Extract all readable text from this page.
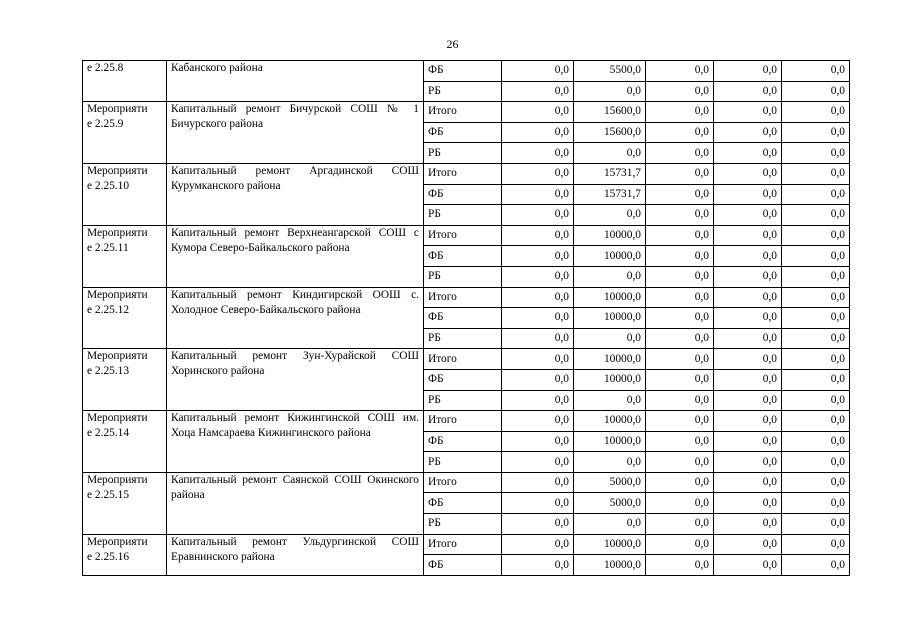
26
е 2.25.8	Кабанского района	ФБ	0,0	5500,0	0,0	0,0	0,0
		РБ	0,0	0,0	0,0	0,0	0,0
Мероприяти
е 2.25.9	Капитальный ремонт Бичурской СОШ № 1 Бичурского района	Итого	0,0	15600,0	0,0	0,0	0,0
		ФБ	0,0	15600,0	0,0	0,0	0,0
		РБ	0,0	0,0	0,0	0,0	0,0
Мероприяти
е 2.25.10	Капитальный ремонт Аргадинской СОШ Курумканского района	Итого	0,0	15731,7	0,0	0,0	0,0
		ФБ	0,0	15731,7	0,0	0,0	0,0
		РБ	0,0	0,0	0,0	0,0	0,0
Мероприяти
е 2.25.11	Капитальный ремонт Верхнеангарской СОШ с Кумора Северо-Байкальского района	Итого	0,0	10000,0	0,0	0,0	0,0
		ФБ	0,0	10000,0	0,0	0,0	0,0
		РБ	0,0	0,0	0,0	0,0	0,0
Мероприяти
е 2.25.12	Капитальный ремонт Киндигирской ООШ с. Холодное Северо-Байкальского района	Итого	0,0	10000,0	0,0	0,0	0,0
		ФБ	0,0	10000,0	0,0	0,0	0,0
		РБ	0,0	0,0	0,0	0,0	0,0
Мероприяти
е 2.25.13	Капитальный ремонт Зун-Хурайской СОШ Хоринского района	Итого	0,0	10000,0	0,0	0,0	0,0
		ФБ	0,0	10000,0	0,0	0,0	0,0
		РБ	0,0	0,0	0,0	0,0	0,0
Мероприяти
е 2.25.14	Капитальный ремонт Кижингинской СОШ им. Хоца Намсараева Кижингинского района	Итого	0,0	10000,0	0,0	0,0	0,0
		ФБ	0,0	10000,0	0,0	0,0	0,0
		РБ	0,0	0,0	0,0	0,0	0,0
Мероприяти
е 2.25.15	Капитальный ремонт Саянской СОШ Окинского района	Итого	0,0	5000,0	0,0	0,0	0,0
		ФБ	0,0	5000,0	0,0	0,0	0,0
		РБ	0,0	0,0	0,0	0,0	0,0
Мероприяти
е 2.25.16	Капитальный ремонт Ульдургинской СОШ Еравнинского района	Итого	0,0	10000,0	0,0	0,0	0,0
		ФБ	0,0	10000,0	0,0	0,0	0,0
